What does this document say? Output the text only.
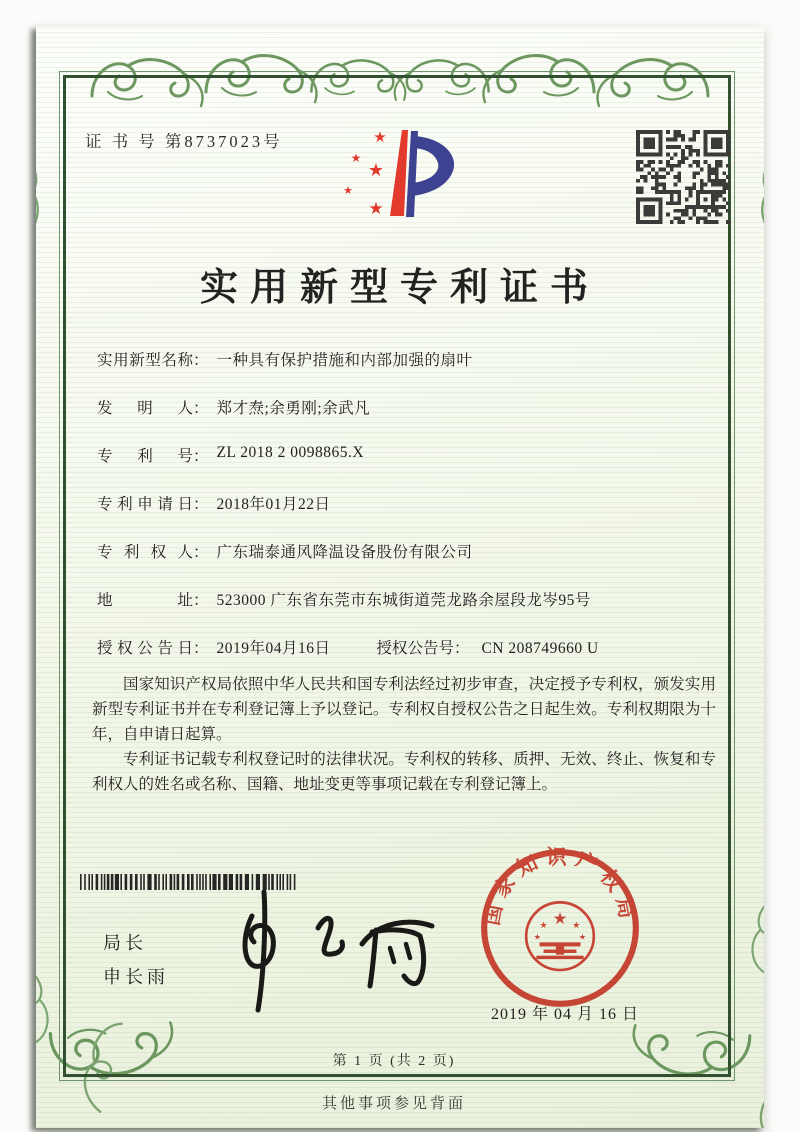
证 书 号 第8737023号	★
★
★
★
★
实用新型专利证书
实用新型名称 ： 一种具有保护措施和内部加强的扇叶
发明人 ： 郑才焘;余勇刚;余武凡
专利号 ： ZL 2018 2 0098865.X
专利申请日 ： 2018年01月22日
专利权人 ： 广东瑞泰通风降温设备股份有限公司
地址 ： 523000 广东省东莞市东城街道莞龙路余屋段龙岑95号
授权公告日 ： 2019年04月16日	授权公告号： CN 208749660 U

国家知识产权局依照中华人民共和国专利法经过初步审查，决定授予专利权，颁发实用新型专利证书并在专利登记簿上予以登记。专利权自授权公告之日起生效。专利权期限为十年，自申请日起算。

专利证书记载专利权登记时的法律状况。专利权的转移、质押、无效、终止、恢复和专利权人的姓名或名称、国籍、地址变更等事项记载在专利登记簿上。

局长
申长雨
国家知识产权局
★
★	★
★	★
2019 年 04 月 16 日
第 1 页 (共 2 页)
其他事项参见背面
